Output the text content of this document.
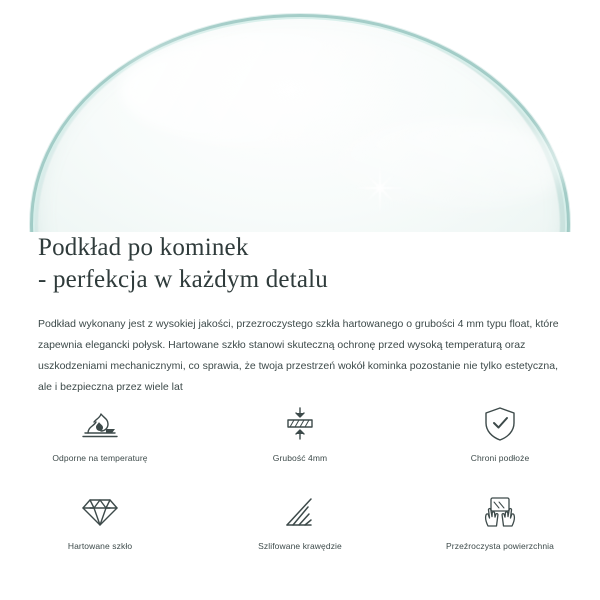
Podkład po kominek
- perfekcja w każdym detalu

Podkład wykonany jest z wysokiej jakości, przezroczystego szkła hartowanego o grubości 4 mm typu float, które zapewnia elegancki połysk. Hartowane szkło stanowi skuteczną ochronę przed wysoką temperaturą oraz uszkodzeniami mechanicznymi, co sprawia, że twoja przestrzeń wokół kominka pozostanie nie tylko estetyczna, ale i bezpieczna przez wiele lat

Odporne na temperaturę	Grubość 4mm	Chroni podłoże
Hartowane szkło	Szlifowane krawędzie	Przeźroczysta powierzchnia
